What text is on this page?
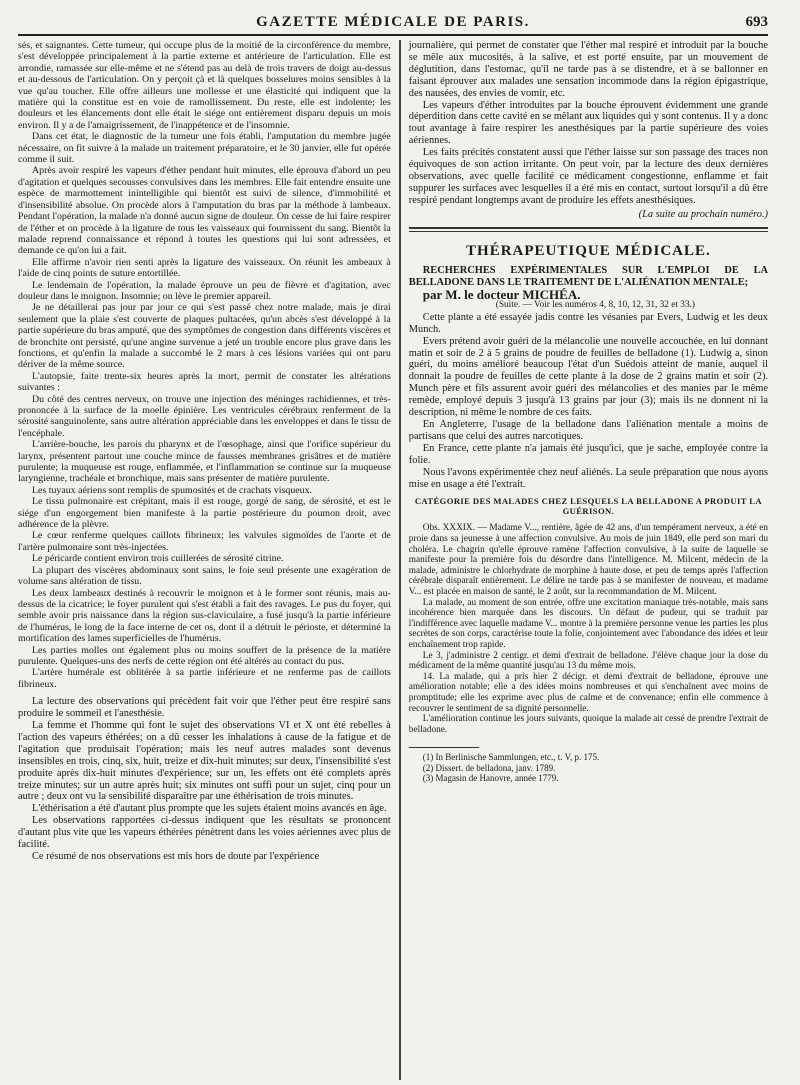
GAZETTE MÉDICALE DE PARIS.	693

sés, et saignantes. Cette tumeur, qui occupe plus de la moitié de la circonférence du membre, s'est développée principalement à la partie externe et antérieure de l'articulation. Elle est arrondie, ramassée sur elle-même et ne s'étend pas au delà de trois travers de doigt au-dessus et au-dessous de l'articulation. On y perçoit çà et là quelques bosselures moins sensibles à la vue qu'au toucher. Elle offre ailleurs une mollesse et une élasticité qui indiquent que la matière qui la constitue est en voie de ramollissement. Du reste, elle est indolente; les douleurs et les élancements dont elle était le siége ont entièrement disparu depuis un mois environ. Il y a de l'amaigrissement, de l'inappétence et de l'insomnie.

Dans cet état, le diagnostic de la tumeur une fois établi, l'amputation du membre jugée nécessaire, on fit suivre à la malade un traitement préparatoire, et le 30 janvier, elle fut opérée comme il suit.

Après avoir respiré les vapeurs d'éther pendant huit minutes, elle éprouva d'abord un peu d'agitation et quelques secousses convulsives dans les membres. Elle fait entendre ensuite une espèce de marmottement inintelligible qui bientôt est suivi de silence, d'immobilité et d'insensibilité absolue. On procède alors à l'amputation du bras par la méthode à lambeaux. Pendant l'opération, la malade n'a donné aucun signe de douleur. On cesse de lui faire respirer de l'éther et on procède à la ligature de tous les vaisseaux qui fournissent du sang. Bientôt la malade reprend connaissance et répond à toutes les questions qui lui sont adressées, et demande ce qu'on lui a fait.

Elle affirme n'avoir rien senti après la ligature des vaisseaux. On réunit les ambeaux à l'aide de cinq points de suture entortillée.

Le lendemain de l'opération, la malade éprouve un peu de fièvre et d'agitation, avec douleur dans le moignon. Insomnie; on lève le premier appareil.

Je ne détaillerai pas jour par jour ce qui s'est passé chez notre malade, mais je dirai seulement que la plaie s'est couverte de plaques pultacées, qu'un abcès s'est développé à la partie supérieure du bras amputé, que des symptômes de congestion dans différents viscères et de bronchite ont persisté, qu'une angine survenue a jeté un trouble encore plus grave dans les fonctions, et qu'enfin la malade a succombé le 2 mars à ces lésions variées qui ont paru dériver de la même source.

L'autopsie, faite trente-six heures après la mort, permit de constater les altérations suivantes :

Du côté des centres nerveux, on trouve une injection des méninges rachidiennes, et très-prononcée à la surface de la moelle épinière. Les ventricules cérébraux renferment de la sérosité sanguinolente, sans autre altération appréciable dans les enveloppes et dans le tissu de l'encéphale.

L'arrière-bouche, les parois du pharynx et de l'œsophage, ainsi que l'orifice supérieur du larynx, présentent partout une couche mince de fausses membranes grisâtres et de matière purulente; la muqueuse est rouge, enflammée, et l'inflammation se continue sur la muqueuse laryngienne, trachéale et bronchique, mais sans présenter de matière purulente.

Les tuyaux aériens sont remplis de spumosités et de crachats visqueux.

Le tissu pulmonaire est crépitant, mais il est rouge, gorgé de sang, de sérosité, et est le siége d'un engorgement bien manifeste à la partie postérieure du poumon droit, avec adhérence de la plèvre.

Le cœur renferme quelques caillots fibrineux; les valvules sigmoïdes de l'aorte et de l'artère pulmonaire sont très-injectées.

Le péricarde contient environ trois cuillerées de sérosité citrine.

La plupart des viscères abdominaux sont sains, le foie seul présente une exagération de volume sans altération de tissu.

Les deux lambeaux destinés à recouvrir le moignon et à le former sont réunis, mais au-dessus de la cicatrice; le foyer purulent qui s'est établi a fait des ravages. Le pus du foyer, qui semble avoir pris naissance dans la région sus-claviculaire, a fusé jusqu'à la partie inférieure de l'humérus, le long de la face interne de cet os, dont il a détruit le périoste, et déterminé la mortification des lames superficielles de l'humérus.

Les parties molles ont également plus ou moins souffert de la présence de la matière purulente. Quelques-uns des nerfs de cette région ont été altérés au contact du pus.

L'artère humérale est oblitérée à sa partie inférieure et ne renferme pas de caillots fibrineux.

La lecture des observations qui précèdent fait voir que l'éther peut être respiré sans produire le sommeil et l'anesthésie.

La femme et l'homme qui font le sujet des observations VI et X ont été rebelles à l'action des vapeurs éthérées; on a dû cesser les inhalations à cause de la fatigue et de l'agitation que produisait l'opération; mais les neuf autres malades sont devenus insensibles en trois, cinq, six, huit, treize et dix-huit minutes; sur deux, l'insensibilité s'est produite après dix-huit minutes d'expérience; sur un, les effets ont été complets après treize minutes; sur un autre après huit; six minutes ont suffi pour un sujet, cinq pour un autre ; deux ont vu la sensibilité disparaître par une éthérisation de trois minutes.

L'éthérisation a été d'autant plus prompte que les sujets étaient moins avancés en âge.

Les observations rapportées ci-dessus indiquent que les résultats se prononcent d'autant plus vite que les vapeurs éthérées pénètrent dans les voies aériennes avec plus de facilité.

Ce résumé de nos observations est mis hors de doute par l'expérience

journalière, qui permet de constater que l'éther mal respiré et introduit par la bouche se mêle aux mucosités, à la salive, et est porté ensuite, par un mouvement de déglutition, dans l'estomac, qu'il ne tarde pas à se distendre, et à se ballonner en faisant éprouver aux malades une sensation incommode dans la région épigastrique, des nausées, des envies de vomir, etc.

Les vapeurs d'éther introduites par la bouche éprouvent évidemment une grande déperdition dans cette cavité en se mêlant aux liquides qui y sont contenus. Il y a donc tout avantage à faire respirer les anesthésiques par la partie supérieure des voies aériennes.

Les faits précités constatent aussi que l'éther laisse sur son passage des traces non équivoques de son action irritante. On peut voir, par la lecture des deux dernières observations, avec quelle facilité ce médicament congestionne, enflamme et fait suppurer les surfaces avec lesquelles il a été mis en contact, surtout lorsqu'il a dû être respiré pendant longtemps avant de produire les effets anesthésiques.

(La suite au prochain numéro.)

THÉRAPEUTIQUE MÉDICALE.

RECHERCHES EXPÉRIMENTALES SUR L'EMPLOI DE LA BELLADONE DANS LE TRAITEMENT DE L'ALIÉNATION MENTALE;

par M. le docteur MICHÉA.

(Suite. — Voir les numéros 4, 8, 10, 12, 31, 32 et 33.)

Cette plante a été essayée jadis contre les vésanies par Evers, Ludwig et les deux Munch.

Evers prétend avoir guéri de la mélancolie une nouvelle accouchée, en lui donnant matin et soir de 2 à 5 grains de poudre de feuilles de belladone (1). Ludwig a, sinon guéri, du moins amélioré beaucoup l'état d'un Suédois atteint de manie, auquel il donnait la poudre de feuilles de cette plante à la dose de 2 grains matin et soir (2). Munch père et fils assurent avoir guéri des mélancolies et des manies par le même remède, employé depuis 3 jusqu'à 13 grains par jour (3); mais ils ne donnent ni la description, ni même le nombre de ces faits.

En Angleterre, l'usage de la belladone dans l'aliénation mentale a moins de partisans que celui des autres narcotiques.

En France, cette plante n'a jamais été jusqu'ici, que je sache, employée contre la folie.

Nous l'avons expérimentée chez neuf aliénés. La seule préparation que nous ayons mise en usage a été l'extrait.

CATÉGORIE DES MALADES CHEZ LESQUELS LA BELLADONE A PRODUIT LA GUÉRISON.

Obs. XXXIX. — Madame V..., rentière, âgée de 42 ans, d'un tempérament nerveux, a été en proie dans sa jeunesse à une affection convulsive. Au mois de juin 1849, elle perd son mari du choléra. Le chagrin qu'elle éprouve ramène l'affection convulsive, à la suite de laquelle se manifeste pour la première fois du désordre dans l'intelligence. M. Milcent, médecin de la malade, administre le chlorhydrate de morphine à haute dose, et peu de temps après l'affection cérébrale disparaît entièrement. Le délire ne tarde pas à se manifester de nouveau, et madame V... est placée en maison de santé, le 2 août, sur la recommandation de M. Milcent.

La malade, au moment de son entrée, offre une excitation maniaque très-notable, mais sans incohérence bien marquée dans les discours. Un défaut de pudeur, qui se traduit par l'indifférence avec laquelle madame V... montre à la première personne venue les parties les plus secrètes de son corps, caractérise toute la folie, conjointement avec l'abondance des idées et leur enchaînement trop rapide.

Le 3, j'administre 2 centigr. et demi d'extrait de belladone. J'élève chaque jour la dose du médicament de la même quantité jusqu'au 13 du même mois.

14. La malade, qui a pris hier 2 décigr. et demi d'extrait de belladone, éprouve une amélioration notable; elle a des idées moins nombreuses et qui s'enchaînent avec moins de promptitude; elle les exprime avec plus de calme et de convenance; enfin elle commence à recouvrer le sentiment de sa dignité personnelle.

L'amélioration continue les jours suivants, quoique la malade ait cessé de prendre l'extrait de belladone.

(1) In Berlinische Sammlungen, etc., t. V, p. 175.

(2) Dissert. de belladona, janv. 1789.

(3) Magasin de Hanovre, année 1779.
